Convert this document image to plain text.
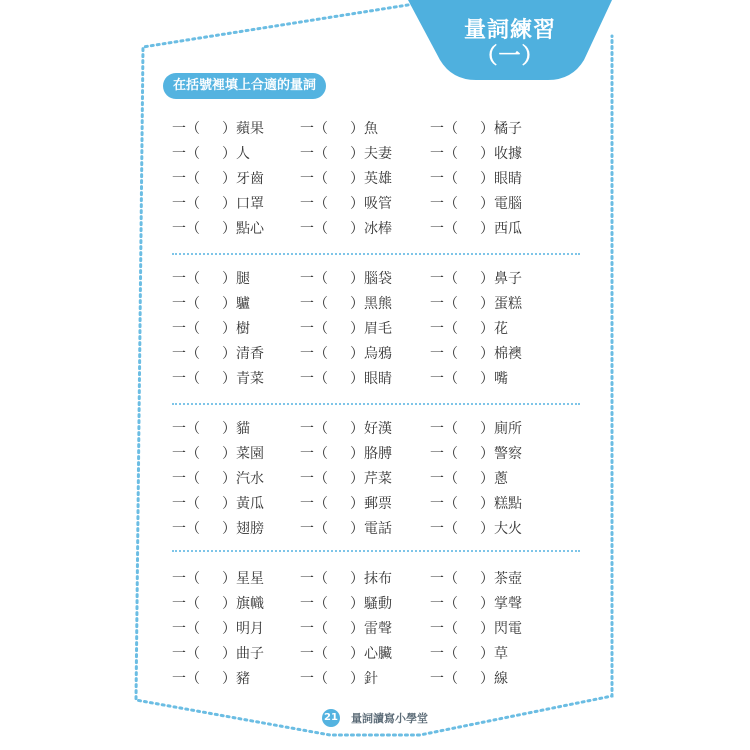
量詞練習
（一）
在括號裡填上合適的量詞
一（ ）蘋果	一（ ）魚	一（ ）橘子
一（ ）人	一（ ）夫妻	一（ ）收據
一（ ）牙齒	一（ ）英雄	一（ ）眼睛
一（ ）口罩	一（ ）吸管	一（ ）電腦
一（ ）點心	一（ ）冰棒	一（ ）西瓜
一（ ）腿	一（ ）腦袋	一（ ）鼻子
一（ ）驢	一（ ）黑熊	一（ ）蛋糕
一（ ）樹	一（ ）眉毛	一（ ）花
一（ ）清香	一（ ）烏鴉	一（ ）棉襖
一（ ）青菜	一（ ）眼睛	一（ ）嘴
一（ ）貓	一（ ）好漢	一（ ）廁所
一（ ）菜園	一（ ）胳膊	一（ ）警察
一（ ）汽水	一（ ）芹菜	一（ ）蔥
一（ ）黃瓜	一（ ）郵票	一（ ）糕點
一（ ）翅膀	一（ ）電話	一（ ）大火
一（ ）星星	一（ ）抹布	一（ ）茶壺
一（ ）旗幟	一（ ）騷動	一（ ）掌聲
一（ ）明月	一（ ）雷聲	一（ ）閃電
一（ ）曲子	一（ ）心臟	一（ ）草
一（ ）豬	一（ ）針	一（ ）線
21 量詞讀寫小學堂
